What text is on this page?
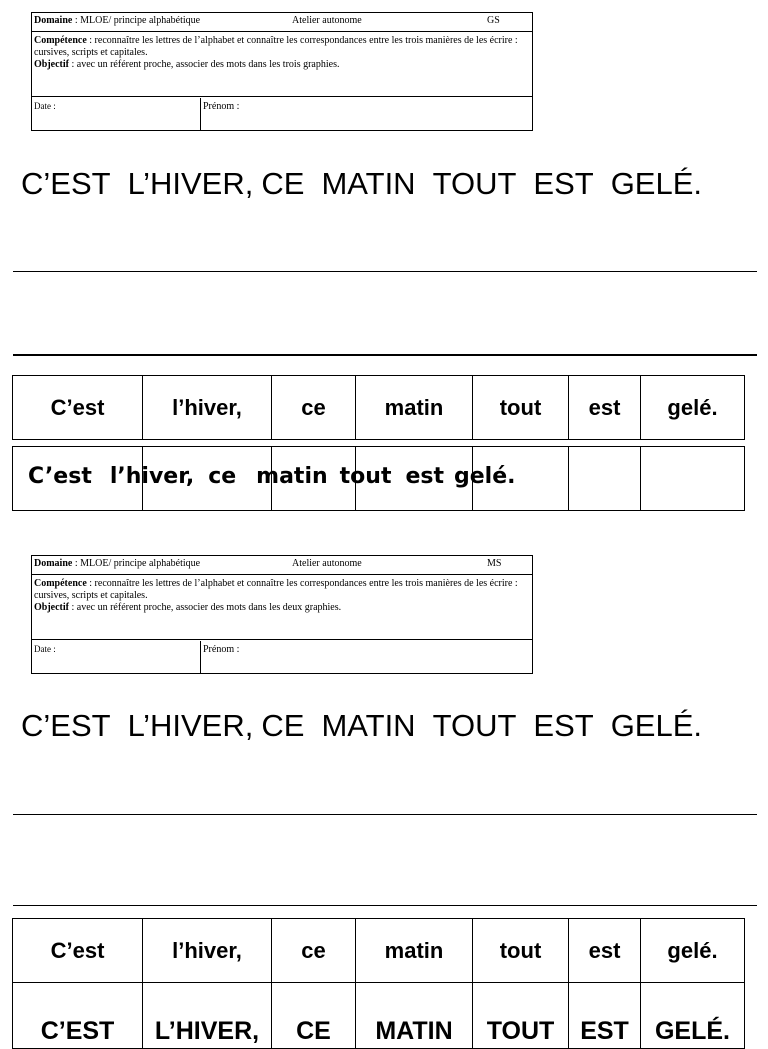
Domaine : MLOE/ principe alphabétique	Atelier autonome	GS

Compétence : reconnaître les lettres de l’alphabet et connaître les correspondances entre les trois manières de les écrire : cursives, scripts et capitales.

Objectif : avec un référent proche, associer des mots dans les trois graphies.

Date :	Prénom :
C’EST L’HIVER, CE MATIN TOUT EST GELÉ.
C’est	l’hiver,	ce	matin	tout	est	gelé.

C’est l’hiver, ce matin tout est gelé.
Domaine : MLOE/ principe alphabétique	Atelier autonome	MS

Compétence : reconnaître les lettres de l’alphabet et connaître les correspondances entre les trois manières de les écrire : cursives, scripts et capitales.

Objectif : avec un référent proche, associer des mots dans les deux graphies.

Date :	Prénom :
C’EST L’HIVER, CE MATIN TOUT EST GELÉ.
C’est	l’hiver,	ce	matin	tout	est	gelé.
C’EST	L’HIVER,	CE	MATIN	TOUT	EST	GELÉ.
